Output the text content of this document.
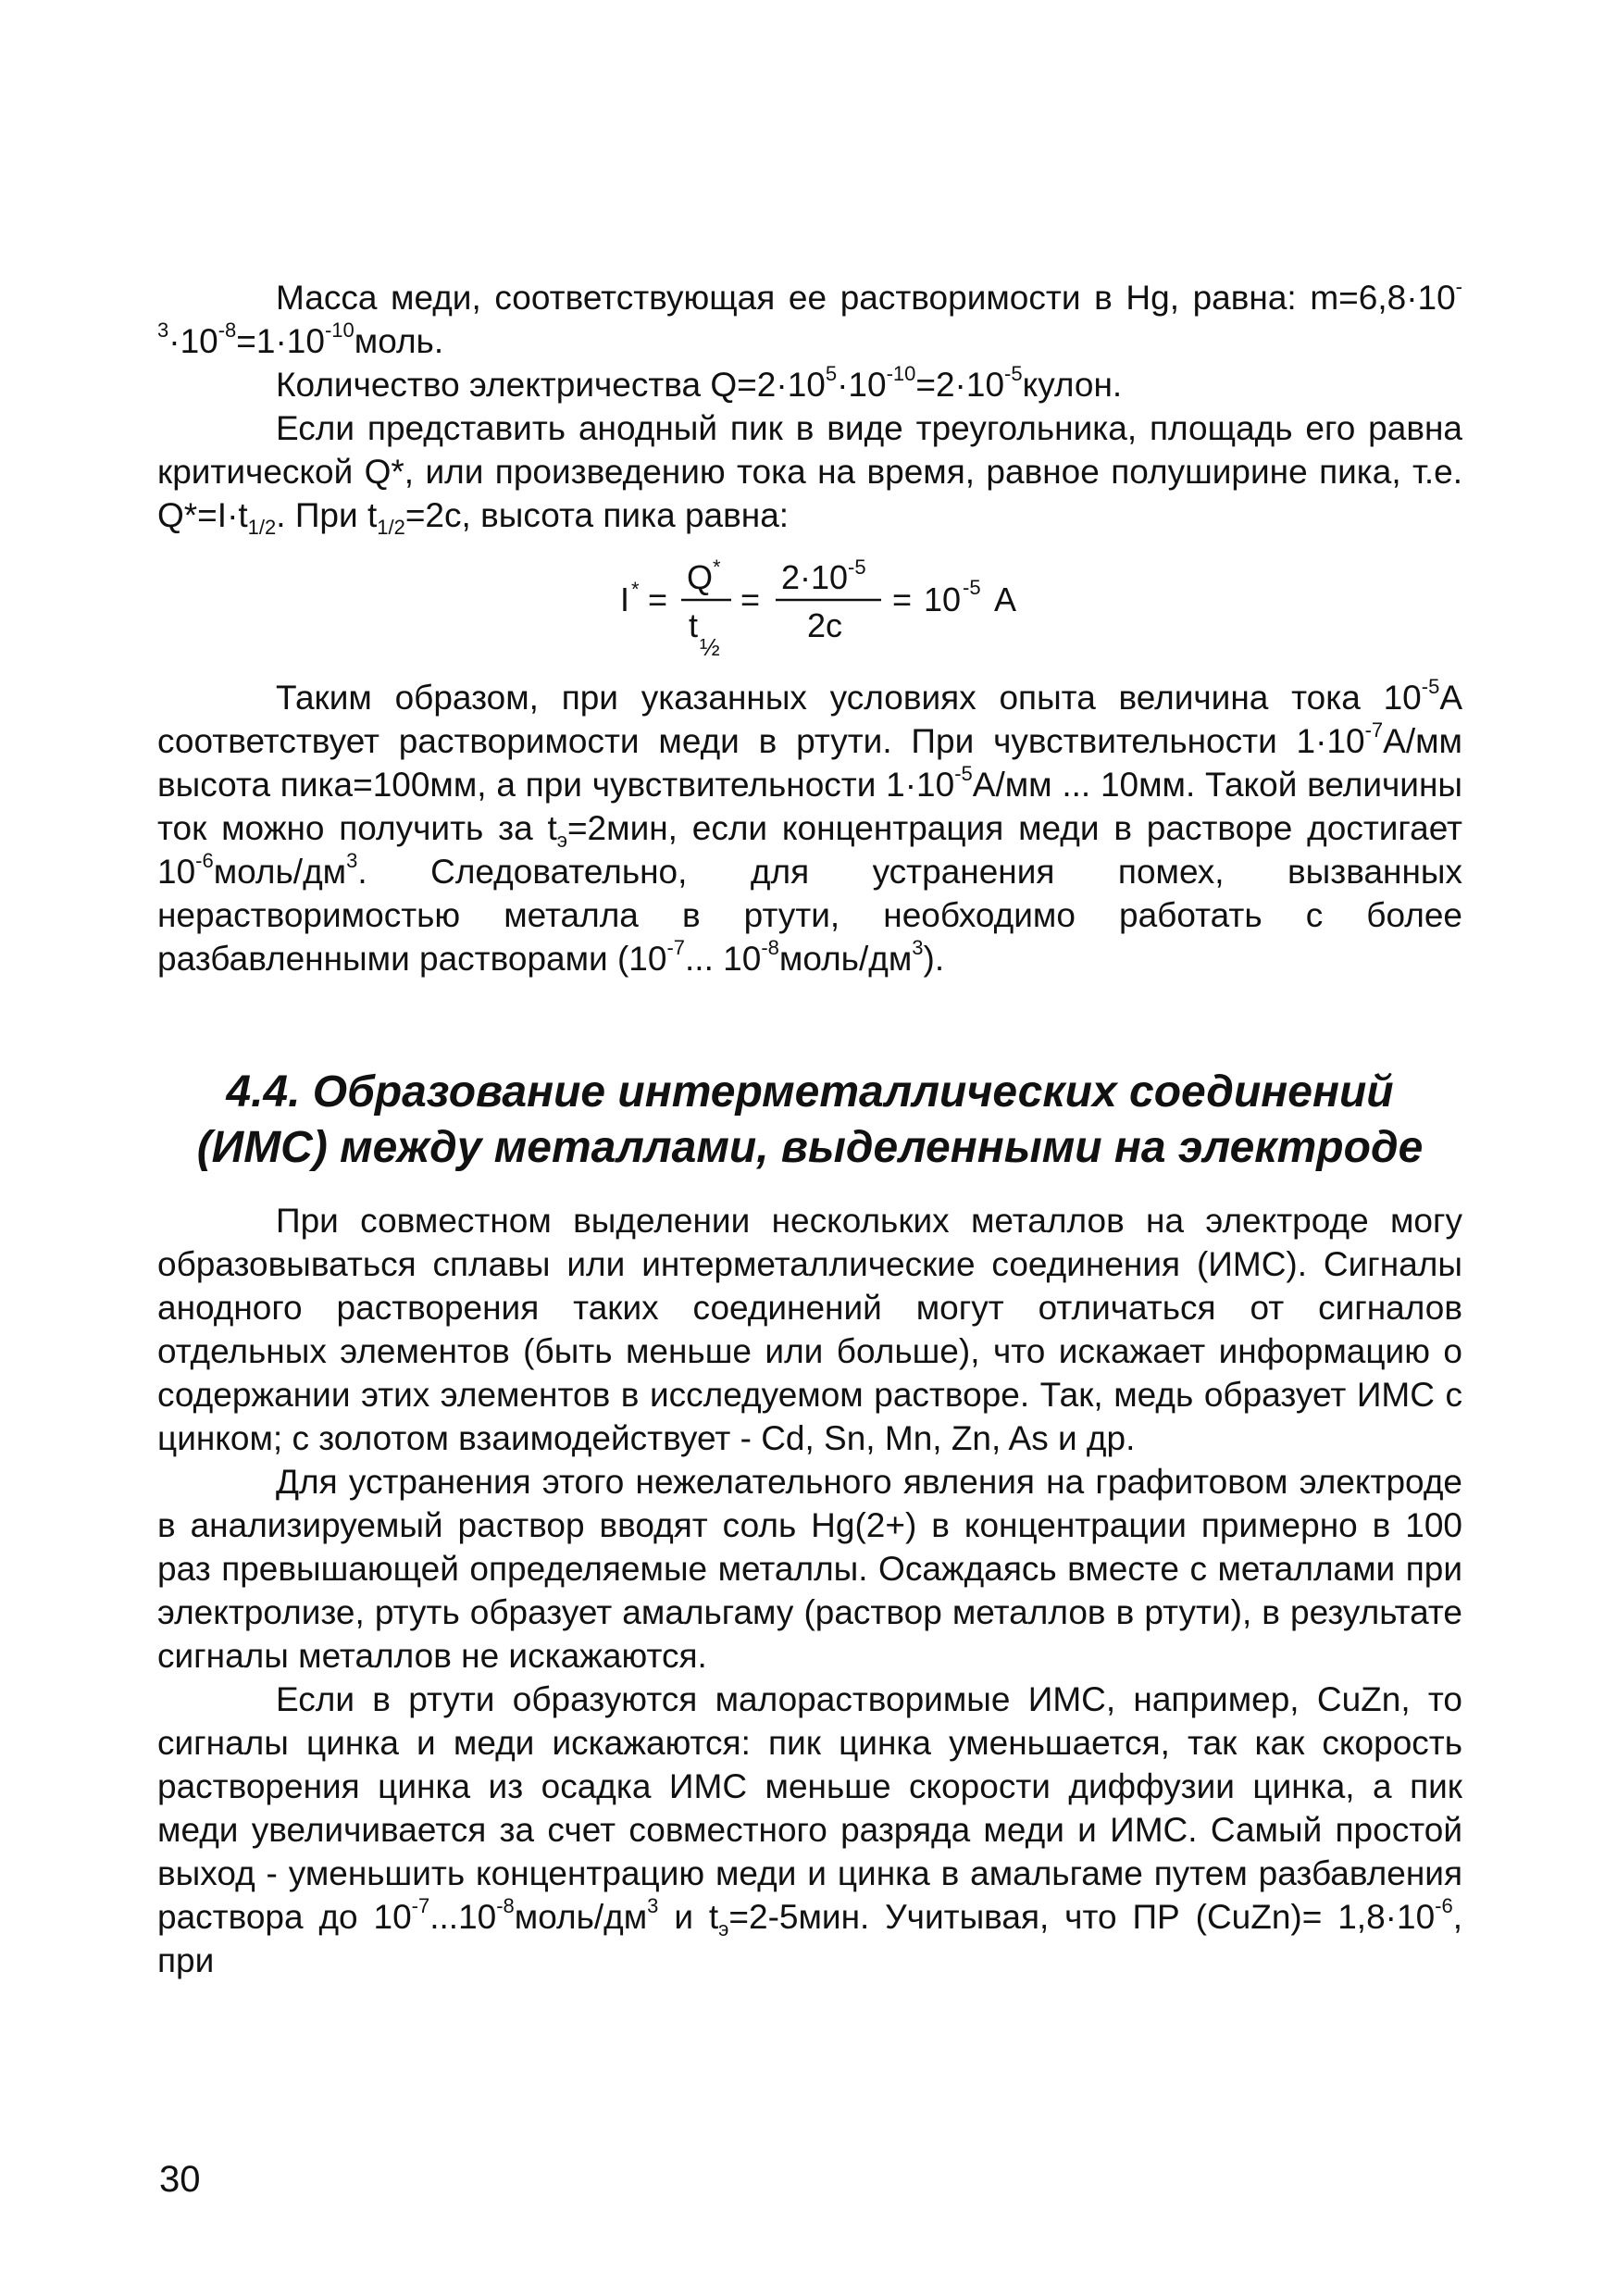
Масса меди, соответствующая ее растворимости в Hg, равна: $m=6,8\cdot 10^{-3}\cdot 10^{-8}=1\cdot 10^{-10}моль$.

Количество электричества $Q=2\cdot 10^5\cdot 10^{-10}=2\cdot 10^{-5}кулон$.

Если представить анодный пик в виде треугольника, площадь его равна критической Q*, или произведению тока на время, равное полуширине пика, т.е. $Q*=I\cdot t_{1/2}$. При $t_{1/2}=2с$, высота пика равна:

I * =
Q *
t
½
=
2·10 -5
2с
= 10 -5 A

Таким образом, при указанных условиях опыта величина тока $10^{-5}А$ соответствует растворимости меди в ртути. При чувствительности $1\cdot 10^{-7}А/мм$ высота пика=100мм, а при чувствительности $1\cdot 10^{-5}А/мм$ ... 10мм. Такой величины ток можно получить за $t_э=2мин$, если концентрация меди в растворе достигает $10^{-6}моль/дм^3$. Следовательно, для устранения помех, вызванных нерастворимостью металла в ртути, необходимо работать с более разбавленными растворами ($10^{-7}$... $10^{-8}моль/дм^3$).

4.4. Образование интерметаллических соединений

(ИМС) между металлами, выделенными на электроде

При совместном выделении нескольких металлов на электроде могу образовываться сплавы или интерметаллические соединения (ИМС). Сигналы анодного растворения таких соединений могут отличаться от сигналов отдельных элементов (быть меньше или больше), что искажает информацию о содержании этих элементов в исследуемом растворе. Так, медь образует ИМС с цинком; с золотом взаимодействует - Cd, Sn, Mn, Zn, As и др.

Для устранения этого нежелательного явления на графитовом электроде в анализируемый раствор вводят соль Hg(2+) в концентрации примерно в 100 раз превышающей определяемые металлы. Осаждаясь вместе с металлами при электролизе, ртуть образует амальгаму (раствор металлов в ртути), в результате сигналы металлов не искажаются.

Если в ртути образуются малорастворимые ИМС, например, CuZn, то сигналы цинка и меди искажаются: пик цинка уменьшается, так как скорость растворения цинка из осадка ИМС меньше скорости диффузии цинка, а пик меди увеличивается за счет совместного разряда меди и ИМС. Самый простой выход - уменьшить концентрацию меди и цинка в амальгаме путем разбавления раствора до $10^{-7}...10^{-8}моль/дм^3$ и $t_э=2-5мин$. Учитывая, что ПР (CuZn)= $1,8\cdot 10^{-6}$, при

30
